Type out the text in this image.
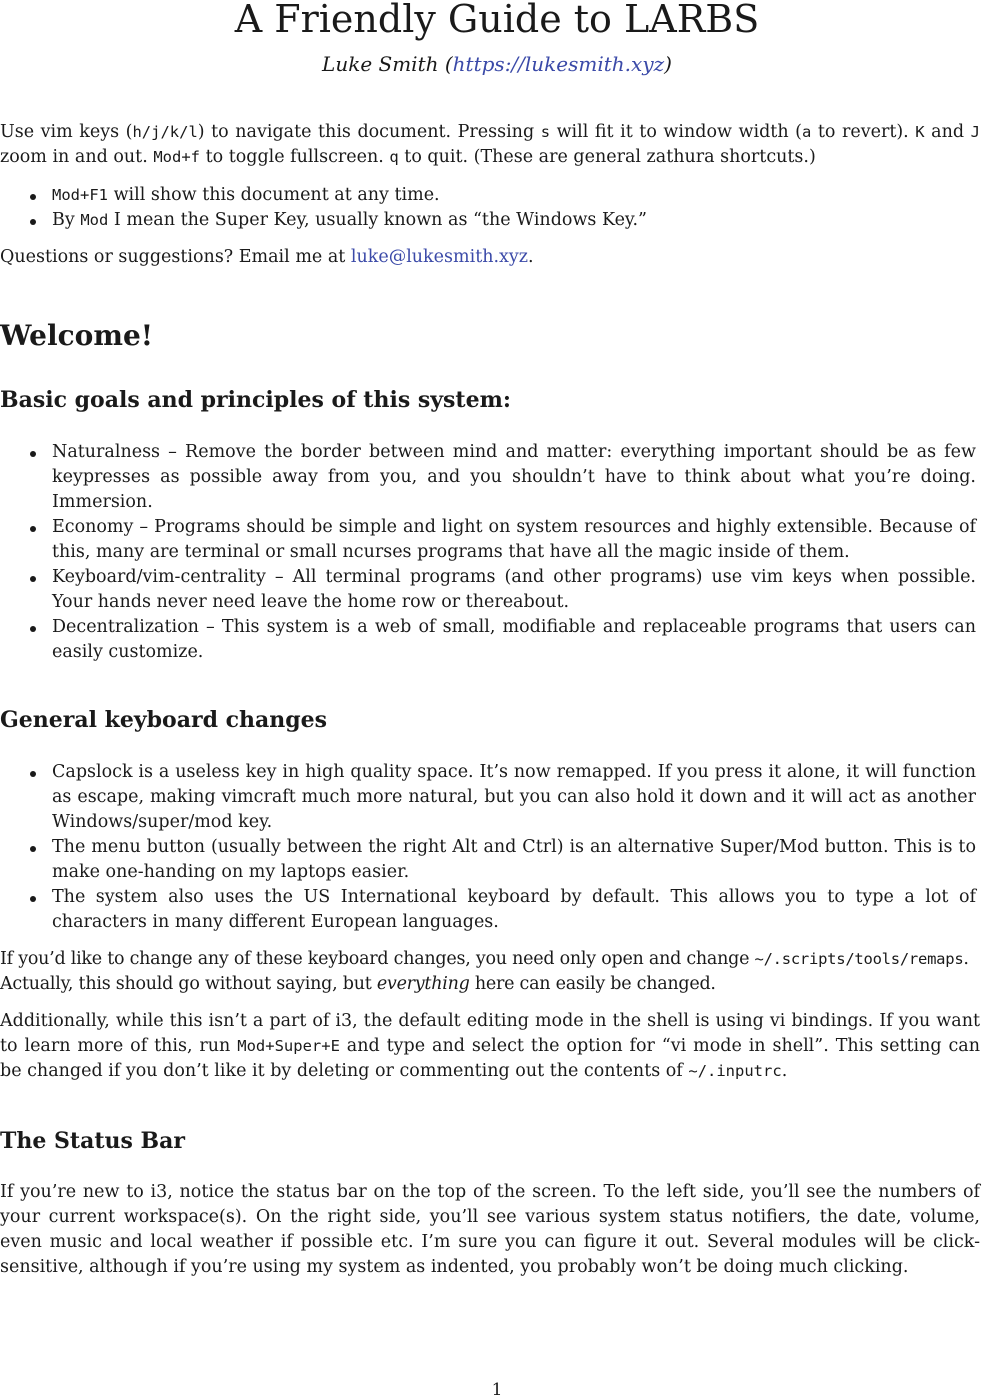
A Friendly Guide to LARBS
Luke Smith (https://lukesmith.xyz)
Use vim keys (h/j/k/l) to navigate this document. Pressing s will fit it to window width (a to revert). K and J zoom in and out. Mod+f to toggle fullscreen. q to quit. (These are general zathura shortcuts.)
Mod+F1 will show this document at any time.
By Mod I mean the Super Key, usually known as “the Windows Key.”
Questions or suggestions? Email me at luke@lukesmith.xyz.
Welcome!
Basic goals and principles of this system:
Naturalness – Remove the border between mind and matter: everything important should be as few keypresses as possible away from you, and you shouldn’t have to think about what you’re doing. Immersion.
Economy – Programs should be simple and light on system resources and highly extensible. Because of this, many are terminal or small ncurses programs that have all the magic inside of them.
Keyboard/vim-centrality – All terminal programs (and other programs) use vim keys when possible. Your hands never need leave the home row or thereabout.
Decentralization – This system is a web of small, modifiable and replaceable programs that users can easily customize.
General keyboard changes
Capslock is a useless key in high quality space. It’s now remapped. If you press it alone, it will function as escape, making vimcraft much more natural, but you can also hold it down and it will act as another Windows/super/mod key.
The menu button (usually between the right Alt and Ctrl) is an alternative Super/Mod button. This is to make one-handing on my laptops easier.
The system also uses the US International keyboard by default. This allows you to type a lot of characters in many different European languages.
If you’d like to change any of these keyboard changes, you need only open and change ~/.scripts/tools/remaps.
Actually, this should go without saying, but everything here can easily be changed.
Additionally, while this isn’t a part of i3, the default editing mode in the shell is using vi bindings. If you want to learn more of this, run Mod+Super+E and type and select the option for “vi mode in shell”. This setting can be changed if you don’t like it by deleting or commenting out the contents of ~/.inputrc.
The Status Bar
If you’re new to i3, notice the status bar on the top of the screen. To the left side, you’ll see the numbers of your current workspace(s). On the right side, you’ll see various system status notifiers, the date, volume, even music and local weather if possible etc. I’m sure you can figure it out. Several modules will be click-sensitive, although if you’re using my system as indented, you probably won’t be doing much clicking.
1
